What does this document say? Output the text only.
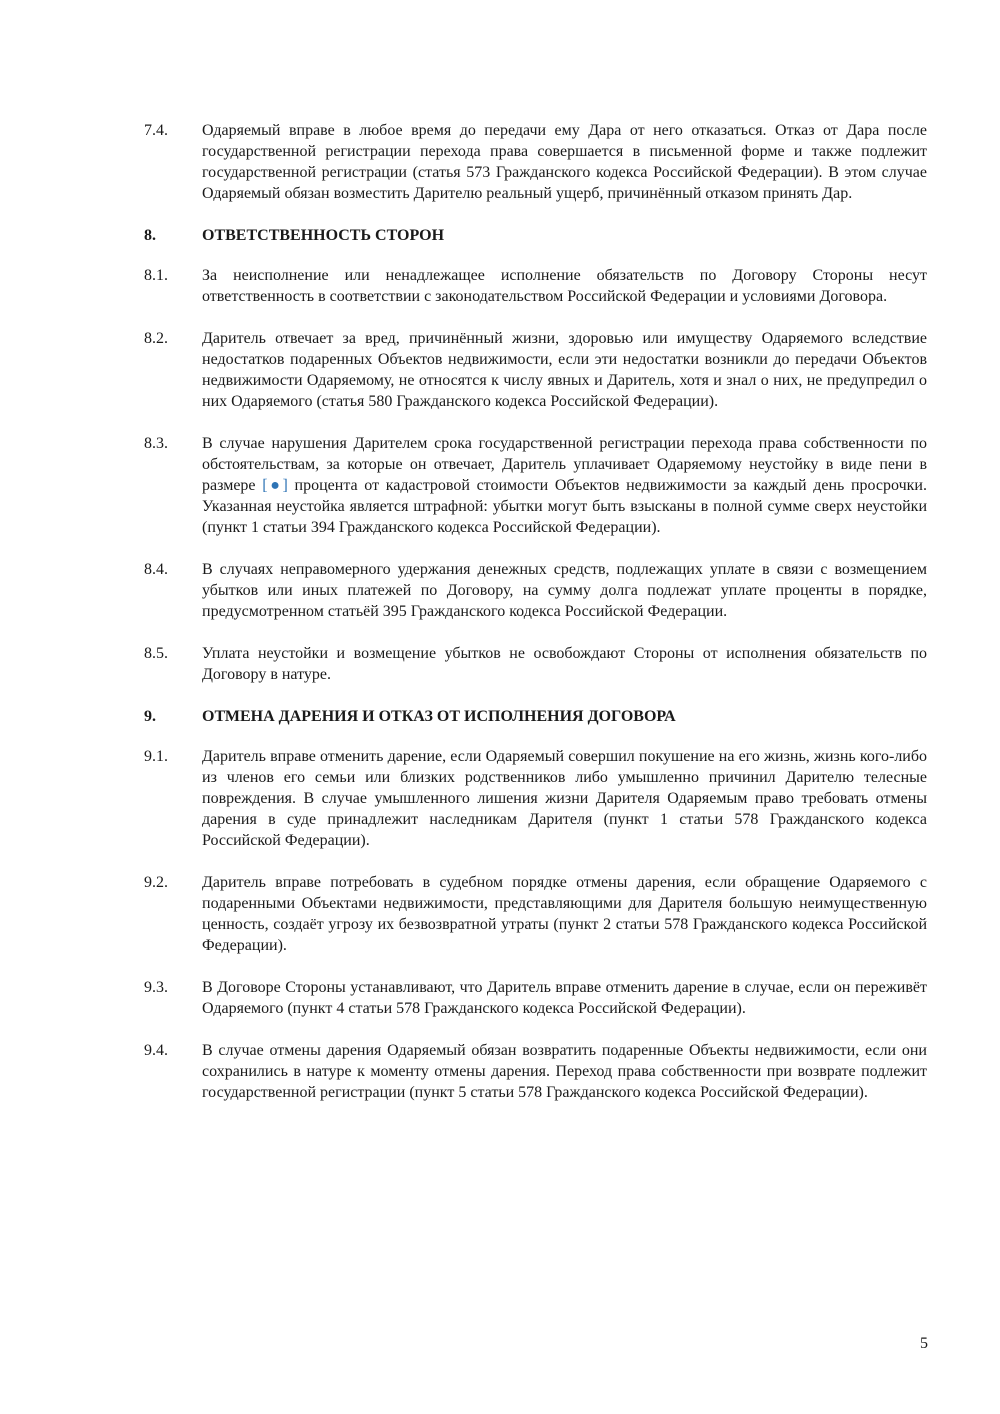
7.4.	Одаряемый вправе в любое время до передачи ему Дара от него отказаться. Отказ от Дара после государственной регистрации перехода права совершается в письменной форме и также подлежит государственной регистрации (статья 573 Гражданского кодекса Российской Федерации). В этом случае Одаряемый обязан возместить Дарителю реальный ущерб, причинённый отказом принять Дар.
8.	ОТВЕТСТВЕННОСТЬ СТОРОН
8.1.	За неисполнение или ненадлежащее исполнение обязательств по Договору Стороны несут ответственность в соответствии с законодательством Российской Федерации и условиями Договора.
8.2.	Даритель отвечает за вред, причинённый жизни, здоровью или имуществу Одаряемого вследствие недостатков подаренных Объектов недвижимости, если эти недостатки возникли до передачи Объектов недвижимости Одаряемому, не относятся к числу явных и Даритель, хотя и знал о них, не предупредил о них Одаряемого (статья 580 Гражданского кодекса Российской Федерации).
8.3.	В случае нарушения Дарителем срока государственной регистрации перехода права собственности по обстоятельствам, за которые он отвечает, Даритель уплачивает Одаряемому неустойку в виде пени в размере [●] процента от кадастровой стоимости Объектов недвижимости за каждый день просрочки. Указанная неустойка является штрафной: убытки могут быть взысканы в полной сумме сверх неустойки (пункт 1 статьи 394 Гражданского кодекса Российской Федерации).
8.4.	В случаях неправомерного удержания денежных средств, подлежащих уплате в связи с возмещением убытков или иных платежей по Договору, на сумму долга подлежат уплате проценты в порядке, предусмотренном статьёй 395 Гражданского кодекса Российской Федерации.
8.5.	Уплата неустойки и возмещение убытков не освобождают Стороны от исполнения обязательств по Договору в натуре.
9.	ОТМЕНА ДАРЕНИЯ И ОТКАЗ ОТ ИСПОЛНЕНИЯ ДОГОВОРА
9.1.	Даритель вправе отменить дарение, если Одаряемый совершил покушение на его жизнь, жизнь кого-либо из членов его семьи или близких родственников либо умышленно причинил Дарителю телесные повреждения. В случае умышленного лишения жизни Дарителя Одаряемым право требовать отмены дарения в суде принадлежит наследникам Дарителя (пункт 1 статьи 578 Гражданского кодекса Российской Федерации).
9.2.	Даритель вправе потребовать в судебном порядке отмены дарения, если обращение Одаряемого с подаренными Объектами недвижимости, представляющими для Дарителя большую неимущественную ценность, создаёт угрозу их безвозвратной утраты (пункт 2 статьи 578 Гражданского кодекса Российской Федерации).
9.3.	В Договоре Стороны устанавливают, что Даритель вправе отменить дарение в случае, если он переживёт Одаряемого (пункт 4 статьи 578 Гражданского кодекса Российской Федерации).
9.4.	В случае отмены дарения Одаряемый обязан возвратить подаренные Объекты недвижимости, если они сохранились в натуре к моменту отмены дарения. Переход права собственности при возврате подлежит государственной регистрации (пункт 5 статьи 578 Гражданского кодекса Российской Федерации).
5
